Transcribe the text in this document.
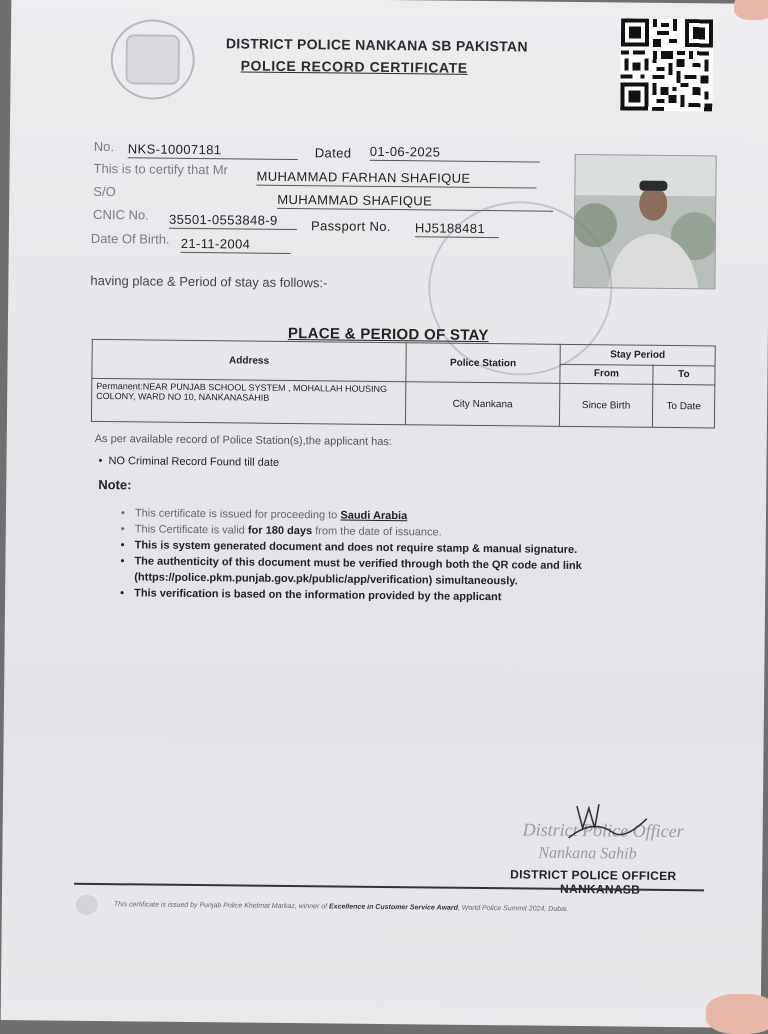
DISTRICT POLICE NANKANA SB PAKISTAN
POLICE RECORD CERTIFICATE
No. NKS-10007181	Dated 01-06-2025
This is to certify that Mr MUHAMMAD FARHAN SHAFIQUE
S/O
MUHAMMAD SHAFIQUE
CNIC No. 35501-0553848-9	Passport No. HJ5188481
Date Of Birth. 21-11-2004
having place & Period of stay as follows:-
PLACE & PERIOD OF STAY
Address	Police Station	Stay Period	
		From	To
Permanent:NEAR PUNJAB SCHOOL SYSTEM , MOHALLAH HOUSING COLONY, WARD NO 10, NANKANASAHIB	City Nankana	Since Birth	To Date
As per available record of Police Station(s),the applicant has:
•  NO Criminal Record Found till date
Note:
• This certificate is issued for proceeding to Saudi Arabia
• This Certificate is valid for 180 days from the date of issuance.
• This is system generated document and does not require stamp & manual signature.
• The authenticity of this document must be verified through both the QR code and link (https://police.pkm.punjab.gov.pk/public/app/verification) simultaneously.
• This verification is based on the information provided by the applicant
District Police Officer
Nankana Sahib
DISTRICT POLICE OFFICER
NANKANASB
This certificate is issued by Punjab Police Khidmat Markaz, winner of Excellence in Customer Service Award, World Police Summit 2024, Dubai.
